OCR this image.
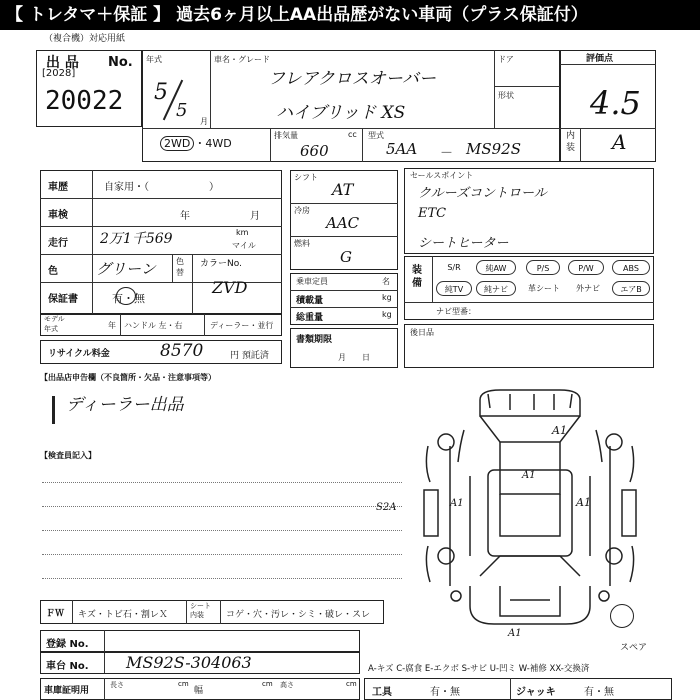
【 トレタマ＋保証 】 過去6ヶ月以上AA出品歴がない車両（プラス保証付）
（複合機）対応用紙
出 品 No.
[2028]
20022
年式
5
5
月
車名・グレード
フレアクロスオーバー
ハイブリッド XS
ドア
形状
2WD ・4WD
排気量	cc
660
型式
5AA － MS92S
評価点
4.5
内装 A
車歴	自家用・（　　　　　　）
車検	年	月
走行 2万1千569	km
マイル
色	グリーン	色替
カラーNo.
ZVD
保証書	有・無
モデル
年式	年 ハンドル 左・右	ディーラー・並行
リサイクル料金	8570	円 預託済
シフト
AT
冷房
AAC
燃料
G
乗車定員	名
積載量	kg
総重量	kg
書類期限
月　　日
セールスポイント
クルーズコントロール
ETC
シートヒーター
装備
S/R	純AW	P/S	P/W	ABS
純TV	純ナビ	革シート	外ナビ	エアB
ナビ型番：
後日品
【出品店申告欄（不良箇所・欠品・注意事項等）
ディーラー出品
【検査員記入】
A1
A1
A1	A1
S2A
A1
スペア
ＦＷ キズ・トビ石・割レＸ
シート内装	コゲ・穴・汚レ・シミ・破レ・スレ
登録 No.
車台 No. MS92S-304063
車庫証明用
長さ	cm
幅
cm 高さ	cm
A-キズ C-腐食 E-エクボ S-サビ U-凹ミ W-補修 XX-交換済
工具	有・無	ジャッキ	有・無
